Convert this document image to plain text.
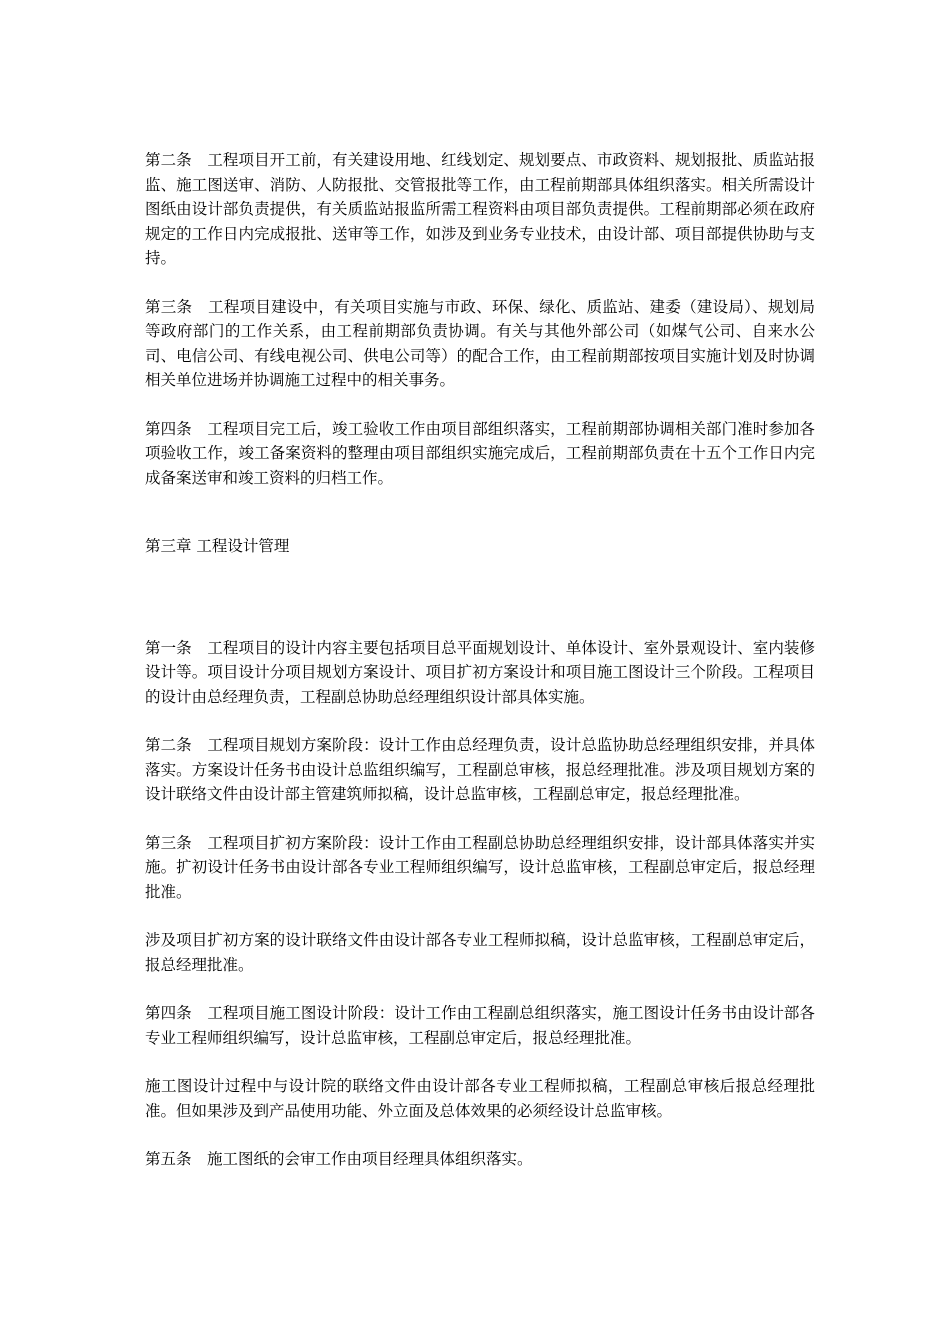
第二条　工程项目开工前，有关建设用地、红线划定、规划要点、市政资料、规划报批、质监站报监、施工图送审、消防、人防报批、交管报批等工作，由工程前期部具体组织落实。相关所需设计图纸由设计部负责提供，有关质监站报监所需工程资料由项目部负责提供。工程前期部必须在政府规定的工作日内完成报批、送审等工作，如涉及到业务专业技术，由设计部、项目部提供协助与支持。

第三条　工程项目建设中，有关项目实施与市政、环保、绿化、质监站、建委（建设局）、规划局等政府部门的工作关系，由工程前期部负责协调。有关与其他外部公司（如煤气公司、自来水公司、电信公司、有线电视公司、供电公司等）的配合工作，由工程前期部按项目实施计划及时协调相关单位进场并协调施工过程中的相关事务。

第四条　工程项目完工后，竣工验收工作由项目部组织落实，工程前期部协调相关部门准时参加各项验收工作，竣工备案资料的整理由项目部组织实施完成后，工程前期部负责在十五个工作日内完成备案送审和竣工资料的归档工作。

第三章 工程设计管理

第一条　工程项目的设计内容主要包括项目总平面规划设计、单体设计、室外景观设计、室内装修设计等。项目设计分项目规划方案设计、项目扩初方案设计和项目施工图设计三个阶段。工程项目的设计由总经理负责，工程副总协助总经理组织设计部具体实施。

第二条　工程项目规划方案阶段：设计工作由总经理负责，设计总监协助总经理组织安排，并具体落实。方案设计任务书由设计总监组织编写，工程副总审核，报总经理批准。涉及项目规划方案的设计联络文件由设计部主管建筑师拟稿，设计总监审核，工程副总审定，报总经理批准。

第三条　工程项目扩初方案阶段：设计工作由工程副总协助总经理组织安排，设计部具体落实并实施。扩初设计任务书由设计部各专业工程师组织编写，设计总监审核，工程副总审定后，报总经理批准。

涉及项目扩初方案的设计联络文件由设计部各专业工程师拟稿，设计总监审核，工程副总审定后，报总经理批准。

第四条　工程项目施工图设计阶段：设计工作由工程副总组织落实，施工图设计任务书由设计部各专业工程师组织编写，设计总监审核，工程副总审定后，报总经理批准。

施工图设计过程中与设计院的联络文件由设计部各专业工程师拟稿，工程副总审核后报总经理批准。但如果涉及到产品使用功能、外立面及总体效果的必须经设计总监审核。

第五条　施工图纸的会审工作由项目经理具体组织落实。
